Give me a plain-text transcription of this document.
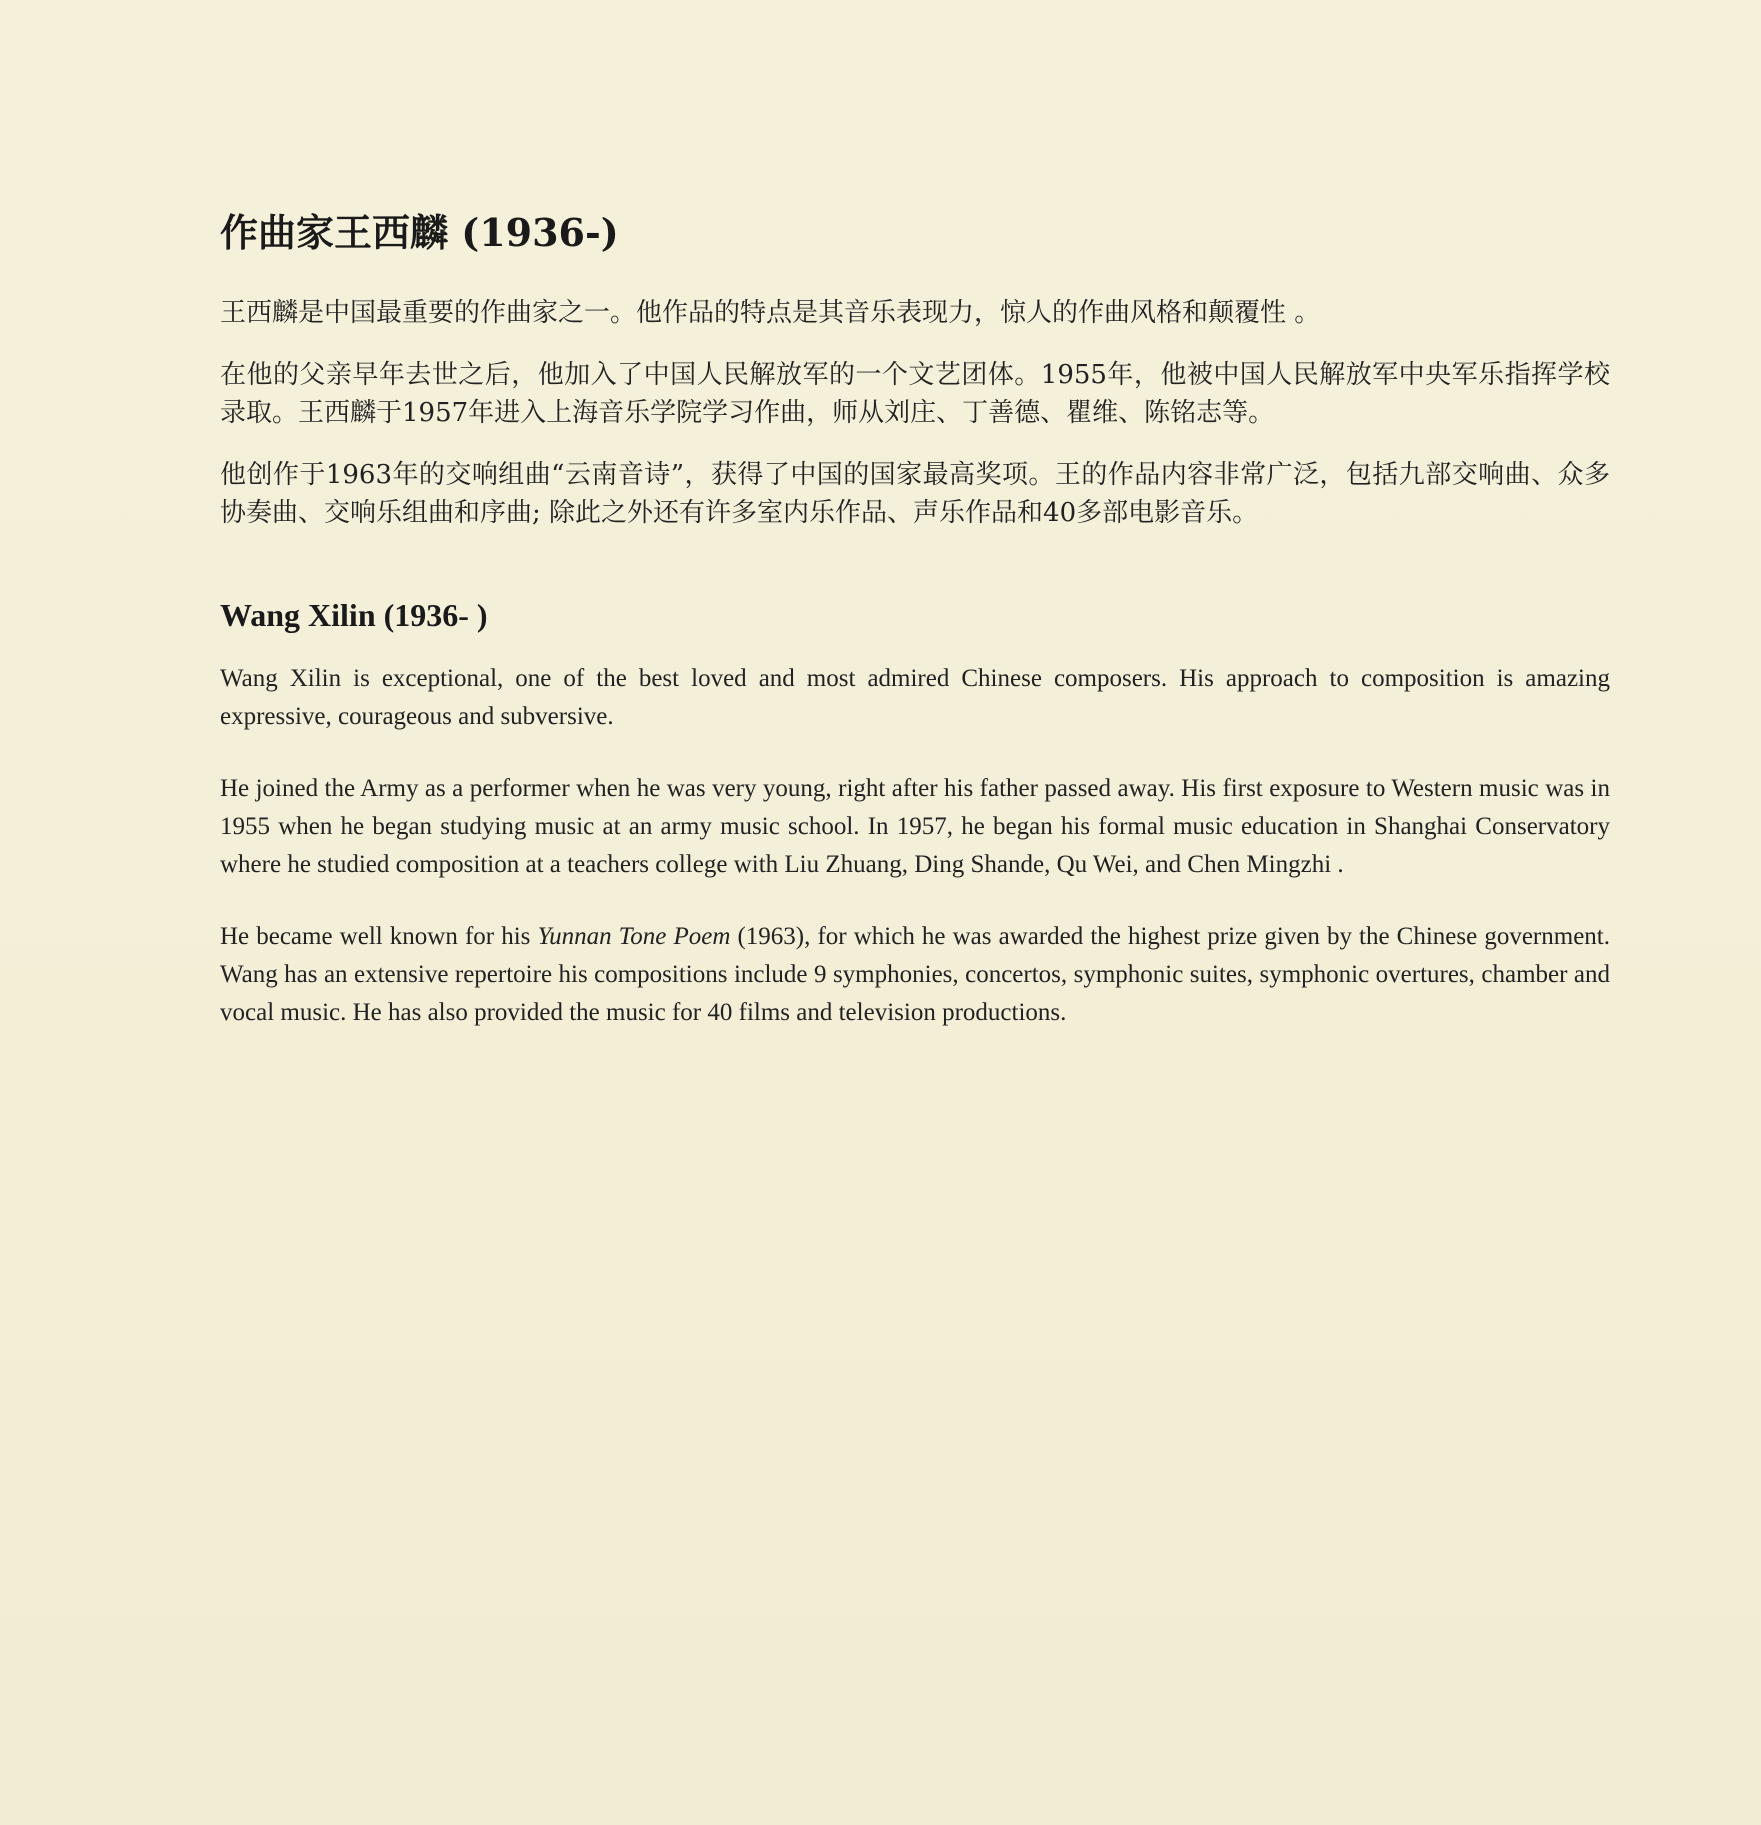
作曲家王西麟 (1936-)

王西麟是中国最重要的作曲家之一。他作品的特点是其音乐表现力，惊人的作曲风格和颠覆性 。

在他的父亲早年去世之后，他加入了中国人民解放军的一个文艺团体。1955年，他被中国人民解放军中央军乐指挥学校录取。王西麟于1957年进入上海音乐学院学习作曲，师从刘庄、丁善德、瞿维、陈铭志等。

他创作于1963年的交响组曲“云南音诗”，获得了中国的国家最高奖项。王的作品内容非常广泛，包括九部交响曲、众多协奏曲、交响乐组曲和序曲; 除此之外还有许多室内乐作品、声乐作品和40多部电影音乐。

Wang Xilin (1936- )

Wang Xilin is exceptional, one of the best loved and most admired Chinese composers. His approach to composition is amazing expressive, courageous and subversive.

He joined the Army as a performer when he was very young, right after his father passed away. His first exposure to Western music was in 1955 when he began studying music at an army music school. In 1957, he began his formal music education in Shanghai Conservatory where he studied composition at a teachers college with Liu Zhuang, Ding Shande, Qu Wei, and Chen Mingzhi .

He became well known for his Yunnan Tone Poem (1963), for which he was awarded the highest prize given by the Chinese government. Wang has an extensive repertoire his compositions include 9 symphonies, concertos, symphonic suites, symphonic overtures, chamber and vocal music. He has also provided the music for 40 films and television productions.
